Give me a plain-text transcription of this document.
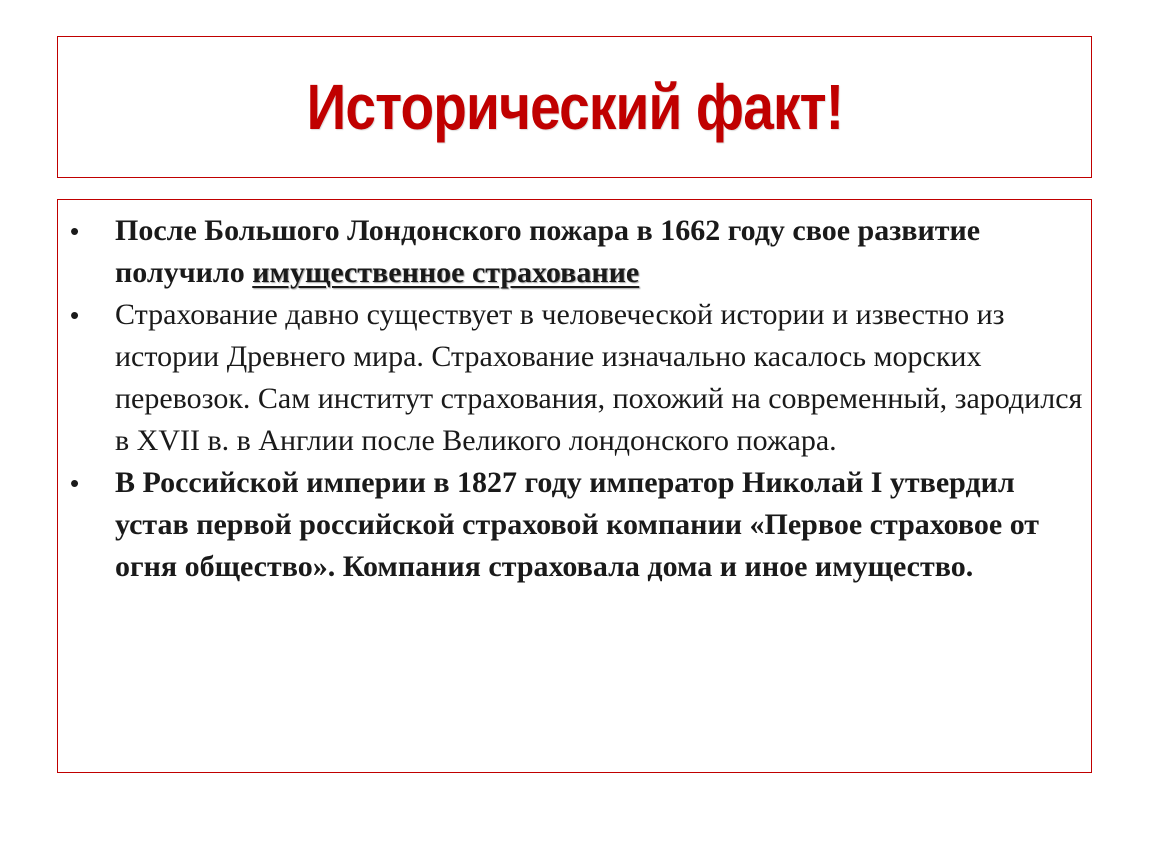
Исторический факт!
• После Большого Лондонского пожара в 1662 году свое развитие получило имущественное страхование
• Страхование давно существует в человеческой истории и известно из истории Древнего мира. Страхование изначально касалось морских перевозок. Сам институт страхования, похожий на современный, зародился в XVII в. в Англии после Великого лондонского пожара.
• В Российской империи в 1827 году император Николай I утвердил устав первой российской страховой компании «Первое страховое от огня общество». Компания страховала дома и иное имущество.
